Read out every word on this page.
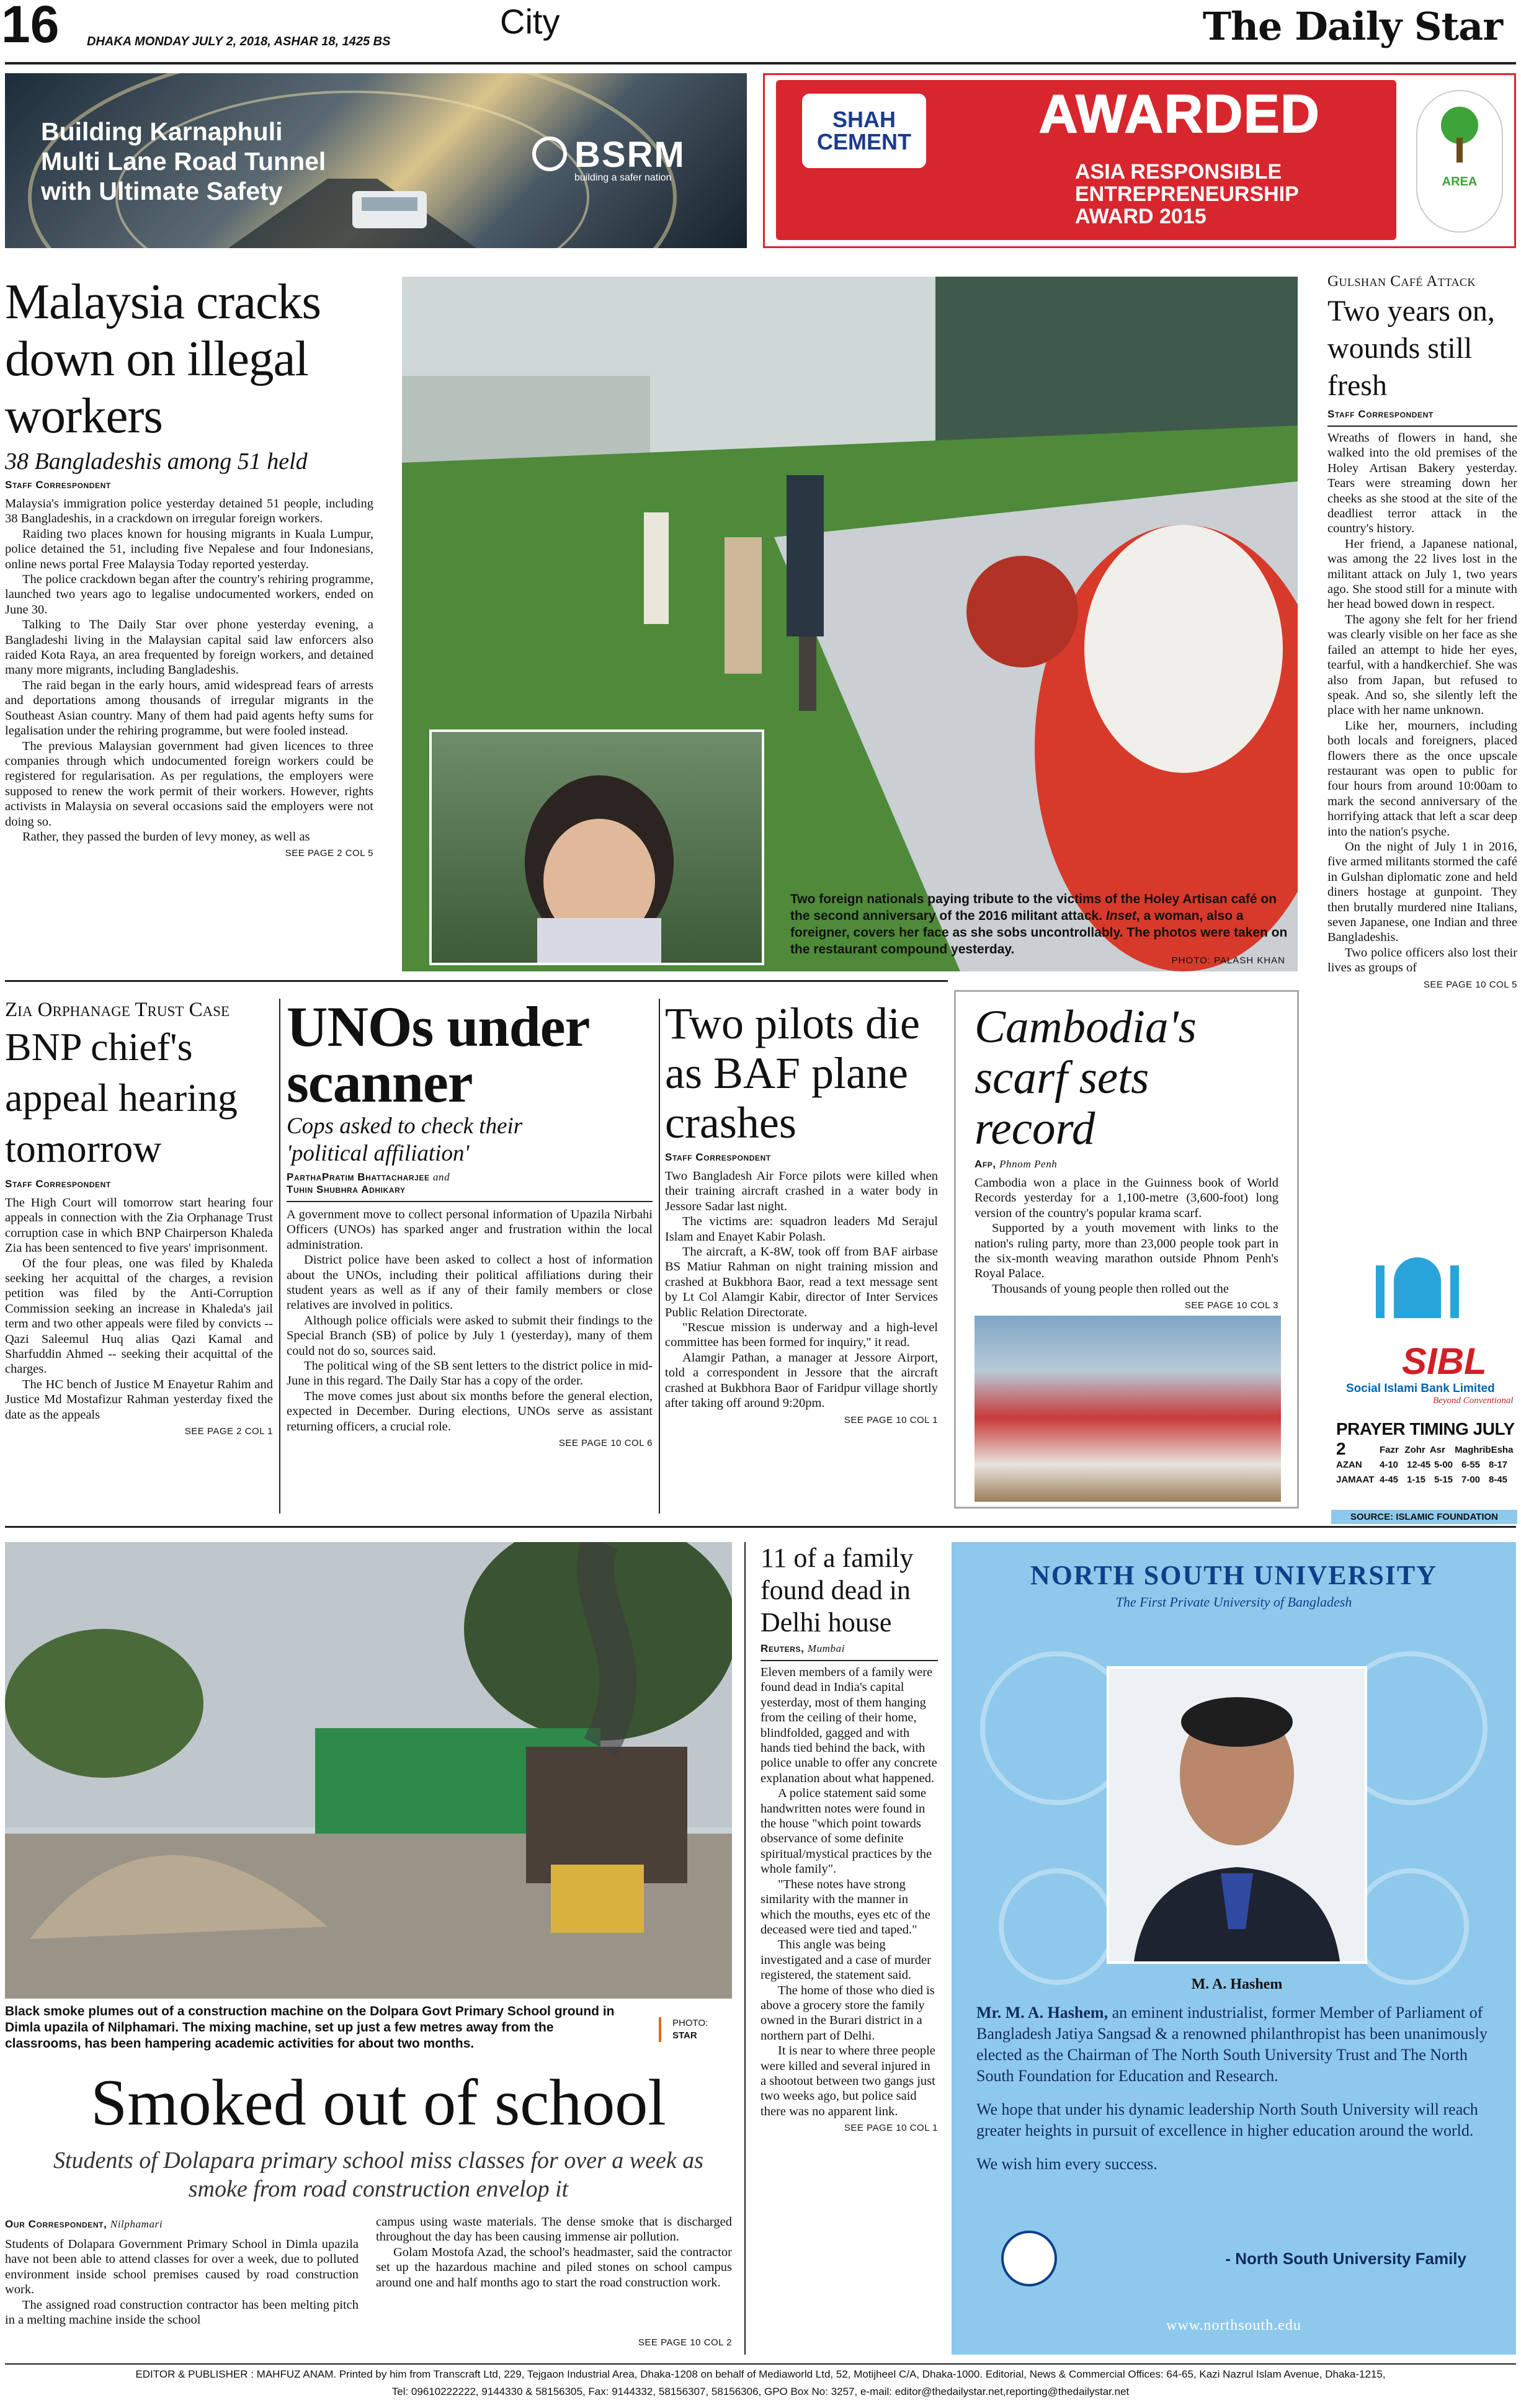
16 DHAKA MONDAY JULY 2, 2018, ASHAR 18, 1425 BS
City	The Daily Star
Building Karnaphuli Multi Lane Road Tunnel with Ultimate Safety
BSRM
building a safer nation
SHAH CEMENT AWARDED
ASIA RESPONSIBLE ENTREPRENEURSHIP AWARD 2015
AREA
Malaysia cracks down on illegal workers
38 Bangladeshis among 51 held
Staff Correspondent

Malaysia's immigration police yesterday detained 51 people, including 38 Bangladeshis, in a crackdown on irregular foreign workers.

Raiding two places known for housing migrants in Kuala Lumpur, police detained the 51, including five Nepalese and four Indonesians, online news portal Free Malaysia Today reported yesterday.

The police crackdown began after the country's rehiring programme, launched two years ago to legalise undocumented workers, ended on June 30.

Talking to The Daily Star over phone yesterday evening, a Bangladeshi living in the Malaysian capital said law enforcers also raided Kota Raya, an area frequented by foreign workers, and detained many more migrants, including Bangladeshis.

The raid began in the early hours, amid widespread fears of arrests and deportations among thousands of irregular migrants in the Southeast Asian country. Many of them had paid agents hefty sums for legalisation under the rehiring programme, but were fooled instead.

The previous Malaysian government had given licences to three companies through which undocumented foreign workers could be registered for regularisation. As per regulations, the employers were supposed to renew the work permit of their workers. However, rights activists in Malaysia on several occasions said the employers were not doing so.

Rather, they passed the burden of levy money, as well as

SEE PAGE 2 COL 5
Two foreign nationals paying tribute to the victims of the Holey Artisan café on the second anniversary of the 2016 militant attack. Inset, a woman, also a foreigner, covers her face as she sobs uncontrollably. The photos were taken on the restaurant compound yesterday.
PHOTO: PALASH KHAN
Gulshan Café Attack
Two years on, wounds still fresh
Staff Correspondent

Wreaths of flowers in hand, she walked into the old premises of the Holey Artisan Bakery yesterday. Tears were streaming down her cheeks as she stood at the site of the deadliest terror attack in the country's history.

Her friend, a Japanese national, was among the 22 lives lost in the militant attack on July 1, two years ago. She stood still for a minute with her head bowed down in respect.

The agony she felt for her friend was clearly visible on her face as she failed an attempt to hide her eyes, tearful, with a handkerchief. She was also from Japan, but refused to speak. And so, she silently left the place with her name unknown.

Like her, mourners, including both locals and foreigners, placed flowers there as the once upscale restaurant was open to public for four hours from around 10:00am to mark the second anniversary of the horrifying attack that left a scar deep into the nation's psyche.

On the night of July 1 in 2016, five armed militants stormed the café in Gulshan diplomatic zone and held diners hostage at gunpoint. They then brutally murdered nine Italians, seven Japanese, one Indian and three Bangladeshis.

Two police officers also lost their lives as groups of

SEE PAGE 10 COL 5
Zia Orphanage Trust Case
BNP chief's appeal hearing tomorrow
Staff Correspondent

The High Court will tomorrow start hearing four appeals in connection with the Zia Orphanage Trust corruption case in which BNP Chairperson Khaleda Zia has been sentenced to five years' imprisonment.

Of the four pleas, one was filed by Khaleda seeking her acquittal of the charges, a revision petition was filed by the Anti-Corruption Commission seeking an increase in Khaleda's jail term and two other appeals were filed by convicts -- Qazi Saleemul Huq alias Qazi Kamal and Sharfuddin Ahmed -- seeking their acquittal of the charges.

The HC bench of Justice M Enayetur Rahim and Justice Md Mostafizur Rahman yesterday fixed the date as the appeals

SEE PAGE 2 COL 1
UNOs under scanner
Cops asked to check their 'political affiliation'
ParthaPratim Bhattacharjee and
Tuhin Shubhra Adhikary

A government move to collect personal information of Upazila Nirbahi Officers (UNOs) has sparked anger and frustration within the local administration.

District police have been asked to collect a host of information about the UNOs, including their political affiliations during their student years as well as if any of their family members or close relatives are involved in politics.

Although police officials were asked to submit their findings to the Special Branch (SB) of police by July 1 (yesterday), many of them could not do so, sources said.

The political wing of the SB sent letters to the district police in mid-June in this regard. The Daily Star has a copy of the order.

The move comes just about six months before the general election, expected in December. During elections, UNOs serve as assistant returning officers, a crucial role.

SEE PAGE 10 COL 6
Two pilots die as BAF plane crashes
Staff Correspondent

Two Bangladesh Air Force pilots were killed when their training aircraft crashed in a water body in Jessore Sadar last night.

The victims are: squadron leaders Md Serajul Islam and Enayet Kabir Polash.

The aircraft, a K-8W, took off from BAF airbase BS Matiur Rahman on night training mission and crashed at Bukbhora Baor, read a text message sent by Lt Col Alamgir Kabir, director of Inter Services Public Relation Directorate.

"Rescue mission is underway and a high-level committee has been formed for inquiry," it read.

Alamgir Pathan, a manager at Jessore Airport, told a correspondent in Jessore that the aircraft crashed at Bukbhora Baor of Faridpur village shortly after taking off around 9:20pm.

SEE PAGE 10 COL 1
Cambodia's scarf sets record
Afp, Phnom Penh

Cambodia won a place in the Guinness book of World Records yesterday for a 1,100-metre (3,600-foot) long version of the country's popular krama scarf.

Supported by a youth movement with links to the nation's ruling party, more than 23,000 people took part in the six-month weaving marathon outside Phnom Penh's Royal Palace.

Thousands of young people then rolled out the

SEE PAGE 10 COL 3
SIBL
Social Islami Bank Limited
Beyond Conventional
PRAYER TIMING JULY 2	Fazr Zohr Asr	Maghrib Esha
AZAN	4-10 12-45 5-00 6-55 8-17
JAMAAT 4-45 1-15 5-15 7-00 8-45
SOURCE: ISLAMIC FOUNDATION
Black smoke plumes out of a construction machine on the Dolpara Govt Primary School ground in Dimla upazila of Nilphamari. The mixing machine, set up just a few metres away from the classrooms, has been hampering academic activities for about two months.
PHOTO:
STAR
Smoked out of school
Students of Dolapara primary school miss classes for over a week as smoke from road construction envelop it
Our Correspondent, Nilphamari

Students of Dolapara Government Primary School in Dimla upazila have not been able to attend classes for over a week, due to polluted environment inside school premises caused by road construction work.

The assigned road construction contractor has been melting pitch in a melting machine inside the school

campus using waste materials. The dense smoke that is discharged throughout the day has been causing immense air pollution.

Golam Mostofa Azad, the school's headmaster, said the contractor set up the hazardous machine and piled stones on school campus around one and half months ago to start the road construction work.

SEE PAGE 10 COL 2
11 of a family found dead in Delhi house
Reuters, Mumbai

Eleven members of a family were found dead in India's capital yesterday, most of them hanging from the ceiling of their home, blindfolded, gagged and with hands tied behind the back, with police unable to offer any concrete explanation about what happened.

A police statement said some handwritten notes were found in the house "which point towards observance of some definite spiritual/mystical practices by the whole family".

"These notes have strong similarity with the manner in which the mouths, eyes etc of the deceased were tied and taped."

This angle was being investigated and a case of murder registered, the statement said.

The home of those who died is above a grocery store the family owned in the Burari district in a northern part of Delhi.

It is near to where three people were killed and several injured in a shootout between two gangs just two weeks ago, but police said there was no apparent link.

SEE PAGE 10 COL 1
NORTH SOUTH UNIVERSITY
The First Private University of Bangladesh
M. A. Hashem

Mr. M. A. Hashem, an eminent industrialist, former Member of Parliament of Bangladesh Jatiya Sangsad & a renowned philanthropist has been unanimously elected as the Chairman of The North South University Trust and The North South Foundation for Education and Research.

We hope that under his dynamic leadership North South University will reach greater heights in pursuit of excellence in higher education around the world.

We wish him every success.

- North South University Family
www.northsouth.edu
EDITOR & PUBLISHER : MAHFUZ ANAM. Printed by him from Transcraft Ltd, 229, Tejgaon Industrial Area, Dhaka-1208 on behalf of Mediaworld Ltd, 52, Motijheel C/A, Dhaka-1000. Editorial, News & Commercial Offices: 64-65, Kazi Nazrul Islam Avenue, Dhaka-1215,
Tel: 09610222222, 9144330 & 58156305, Fax: 9144332, 58156307, 58156306, GPO Box No: 3257, e-mail: editor@thedailystar.net,reporting@thedailystar.net
